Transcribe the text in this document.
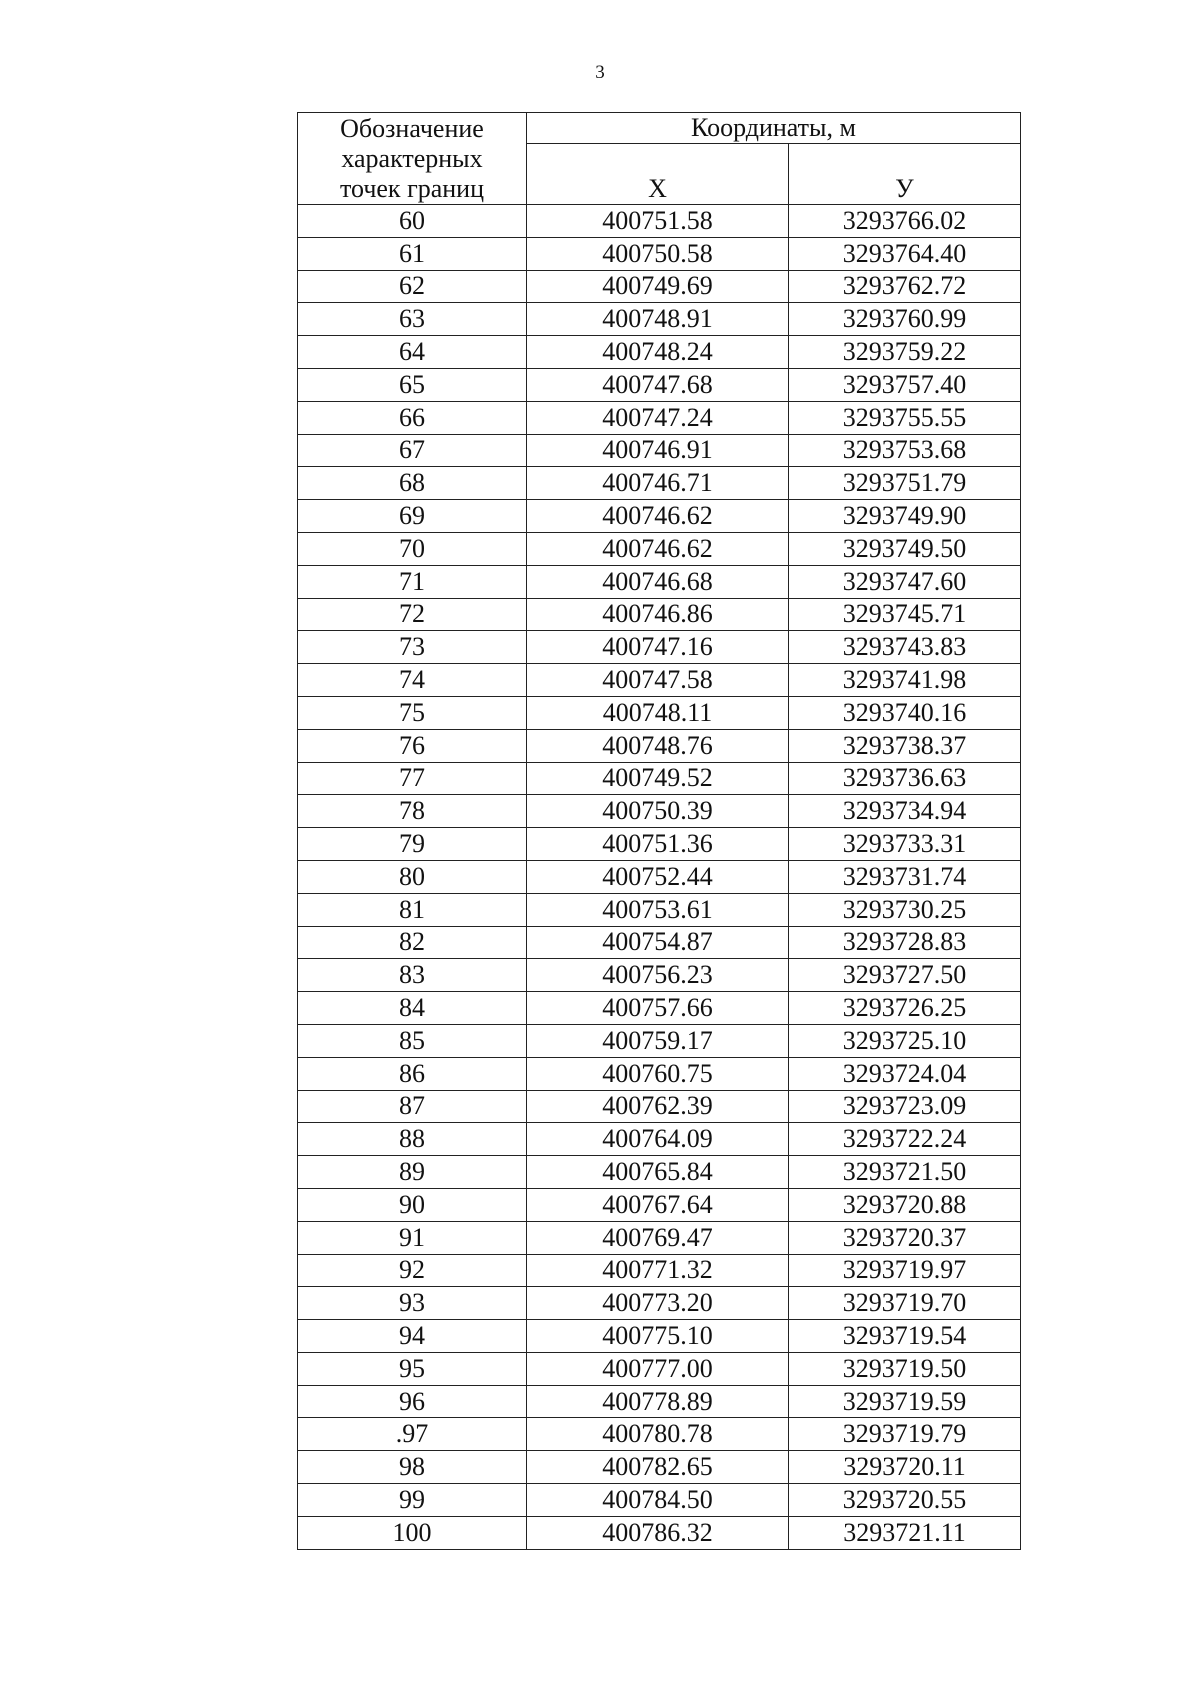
3
Обозначение
характерных
точек границ	Координаты, м	
	X	У
60	400751.58	3293766.02
61	400750.58	3293764.40
62	400749.69	3293762.72
63	400748.91	3293760.99
64	400748.24	3293759.22
65	400747.68	3293757.40
66	400747.24	3293755.55
67	400746.91	3293753.68
68	400746.71	3293751.79
69	400746.62	3293749.90
70	400746.62	3293749.50
71	400746.68	3293747.60
72	400746.86	3293745.71
73	400747.16	3293743.83
74	400747.58	3293741.98
75	400748.11	3293740.16
76	400748.76	3293738.37
77	400749.52	3293736.63
78	400750.39	3293734.94
79	400751.36	3293733.31
80	400752.44	3293731.74
81	400753.61	3293730.25
82	400754.87	3293728.83
83	400756.23	3293727.50
84	400757.66	3293726.25
85	400759.17	3293725.10
86	400760.75	3293724.04
87	400762.39	3293723.09
88	400764.09	3293722.24
89	400765.84	3293721.50
90	400767.64	3293720.88
91	400769.47	3293720.37
92	400771.32	3293719.97
93	400773.20	3293719.70
94	400775.10	3293719.54
95	400777.00	3293719.50
96	400778.89	3293719.59
.97	400780.78	3293719.79
98	400782.65	3293720.11
99	400784.50	3293720.55
100	400786.32	3293721.11
